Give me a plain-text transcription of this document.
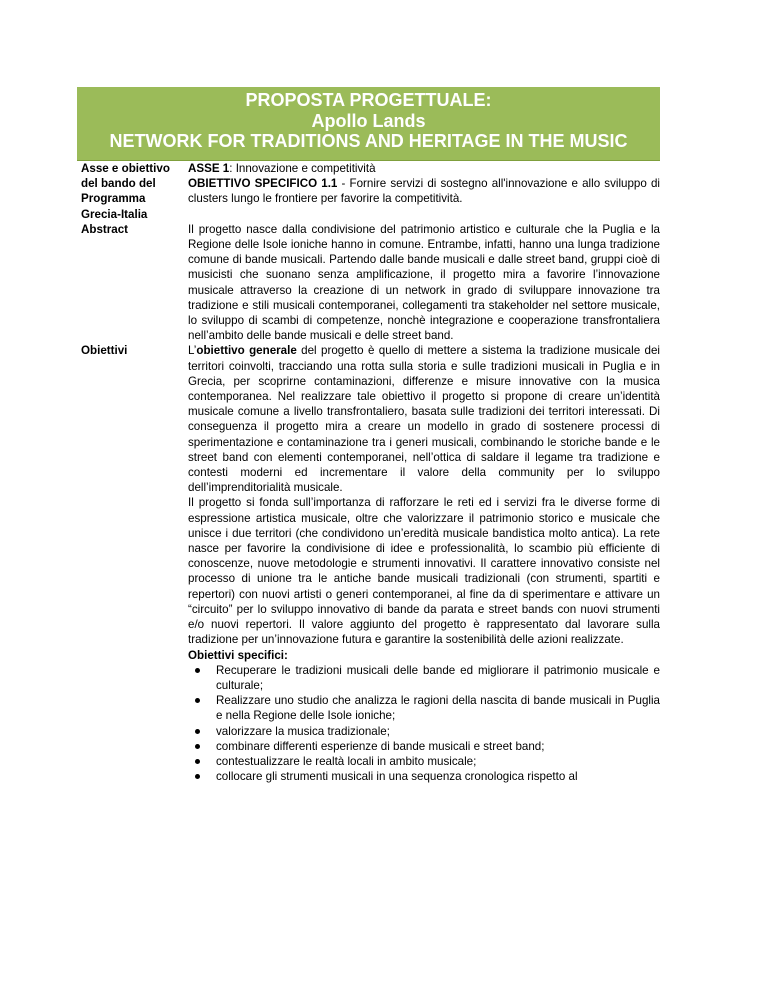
PROPOSTA PROGETTUALE:
Apollo Lands
NETWORK FOR TRADITIONS AND HERITAGE IN THE MUSIC
Asse e obiettivo del bando del Programma Grecia-Italia

ASSE 1: Innovazione e competitività

OBIETTIVO SPECIFICO 1.1 - Fornire servizi di sostegno all'innovazione e allo sviluppo di clusters lungo le frontiere per favorire la competitività.

Abstract	Il progetto nasce dalla condivisione del patrimonio artistico e culturale che la Puglia e la Regione delle Isole ioniche hanno in comune. Entrambe, infatti, hanno una lunga tradizione comune di bande musicali. Partendo dalle bande musicali e dalle street band, gruppi cioè di musicisti che suonano senza amplificazione, il progetto mira a favorire l’innovazione musicale attraverso la creazione di un network in grado di sviluppare innovazione tra tradizione e stili musicali contemporanei, collegamenti tra stakeholder nel settore musicale, lo sviluppo di scambi di competenze, nonchè integrazione e cooperazione transfrontaliera nell’ambito delle bande musicali e delle street band.

Obiettivi	L’obiettivo generale del progetto è quello di mettere a sistema la tradizione musicale dei territori coinvolti, tracciando una rotta sulla storia e sulle tradizioni musicali in Puglia e in Grecia, per scoprirne contaminazioni, differenze e misure innovative con la musica contemporanea. Nel realizzare tale obiettivo il progetto si propone di creare un’identità musicale comune a livello transfrontaliero, basata sulle tradizioni dei territori interessati. Di conseguenza il progetto mira a creare un modello in grado di sostenere processi di sperimentazione e contaminazione tra i generi musicali, combinando le storiche bande e le street band con elementi contemporanei, nell’ottica di saldare il legame tra tradizione e contesti moderni ed incrementare il valore della community per lo sviluppo dell’imprenditorialità musicale.

Il progetto si fonda sull’importanza di rafforzare le reti ed i servizi fra le diverse forme di espressione artistica musicale, oltre che valorizzare il patrimonio storico e musicale che unisce i due territori (che condividono un’eredità musicale bandistica molto antica). La rete nasce per favorire la condivisione di idee e professionalità, lo scambio più efficiente di conoscenze, nuove metodologie e strumenti innovativi. Il carattere innovativo consiste nel processo di unione tra le antiche bande musicali tradizionali (con strumenti, spartiti e repertori) con nuovi artisti o generi contemporanei, al fine da di sperimentare e attivare un “circuito” per lo sviluppo innovativo di bande da parata e street bands con nuovi strumenti e/o nuovi repertori. Il valore aggiunto del progetto è rappresentato dal lavorare sulla tradizione per un’innovazione futura e garantire la sostenibilità delle azioni realizzate.

Obiettivi specifici:

Recuperare le tradizioni musicali delle bande ed migliorare il patrimonio musicale e culturale;
Realizzare uno studio che analizza le ragioni della nascita di bande musicali in Puglia e nella Regione delle Isole ioniche;
valorizzare la musica tradizionale;
combinare differenti esperienze di bande musicali e street band;
contestualizzare le realtà locali in ambito musicale;
collocare gli strumenti musicali in una sequenza cronologica rispetto al
